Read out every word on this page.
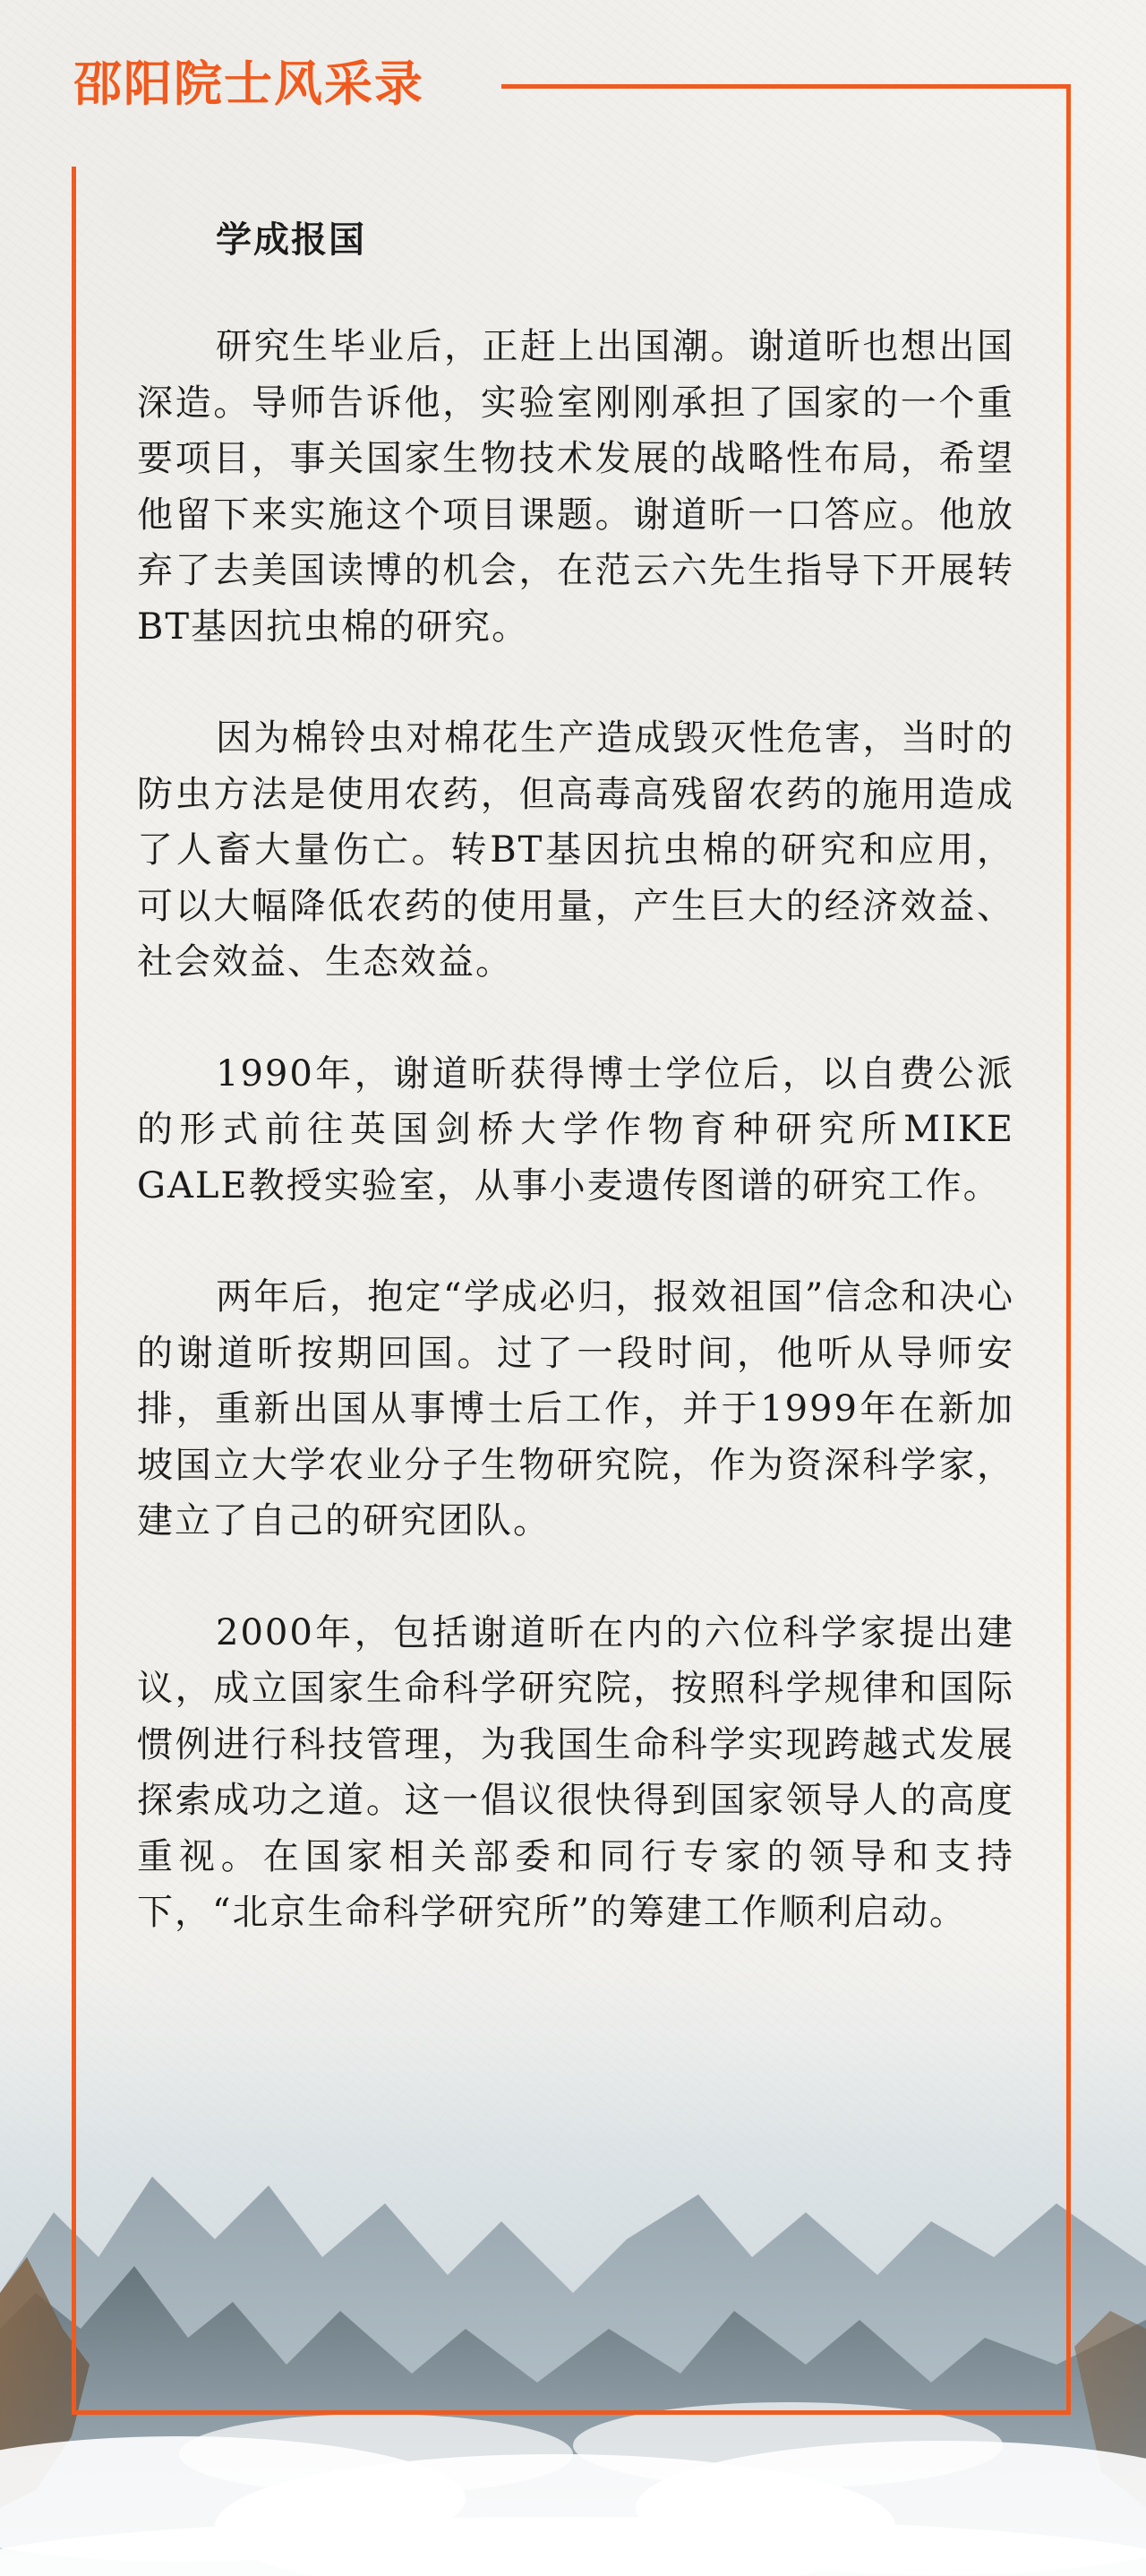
邵阳院士风采录
学成报国

研究生毕业后，正赶上出国潮。谢道昕也想出国深造。导师告诉他，实验室刚刚承担了国家的一个重要项目，事关国家生物技术发展的战略性布局，希望他留下来实施这个项目课题。谢道昕一口答应。他放弃了去美国读博的机会，在范云六先生指导下开展转BT基因抗虫棉的研究。

因为棉铃虫对棉花生产造成毁灭性危害，当时的防虫方法是使用农药，但高毒高残留农药的施用造成了人畜大量伤亡。转BT基因抗虫棉的研究和应用，可以大幅降低农药的使用量，产生巨大的经济效益、社会效益、生态效益。

1990年，谢道昕获得博士学位后，以自费公派的形式前往英国剑桥大学作物育种研究所MIKE GALE教授实验室，从事小麦遗传图谱的研究工作。

两年后，抱定“学成必归，报效祖国”信念和决心的谢道昕按期回国。过了一段时间，他听从导师安排，重新出国从事博士后工作，并于1999年在新加坡国立大学农业分子生物研究院，作为资深科学家，建立了自己的研究团队。

2000年，包括谢道昕在内的六位科学家提出建议，成立国家生命科学研究院，按照科学规律和国际惯例进行科技管理，为我国生命科学实现跨越式发展探索成功之道。这一倡议很快得到国家领导人的高度重视。在国家相关部委和同行专家的领导和支持下，“北京生命科学研究所”的筹建工作顺利启动。
